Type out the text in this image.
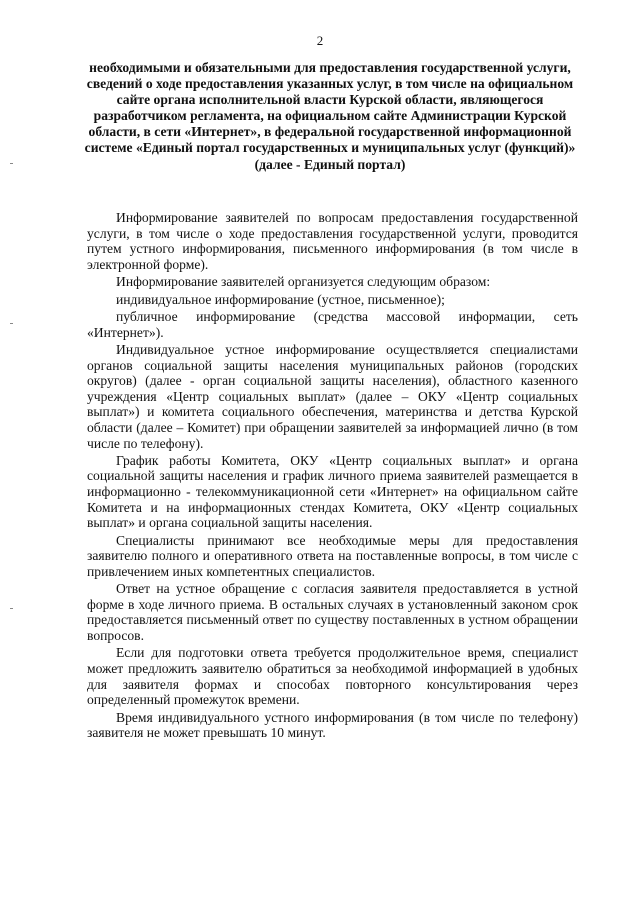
2
необходимыми и обязательными для предоставления государственной услуги, сведений о ходе предоставления указанных услуг, в том числе на официальном сайте органа исполнительной власти Курской области, являющегося разработчиком регламента, на официальном сайте Администрации Курской области, в сети «Интернет», в федеральной государственной информационной системе «Единый портал государственных и муниципальных услуг (функций)» (далее - Единый портал)

Информирование заявителей по вопросам предоставления государственной услуги, в том числе о ходе предоставления государственной услуги, проводится путем устного информирования, письменного информирования (в том числе в электронной форме).

Информирование заявителей организуется следующим образом:

индивидуальное информирование (устное, письменное);

публичное информирование (средства массовой информации, сеть «Интернет»).

Индивидуальное устное информирование осуществляется специалистами органов социальной защиты населения муниципальных районов (городских округов) (далее - орган социальной защиты населения), областного казенного учреждения «Центр социальных выплат» (далее – ОКУ «Центр социальных выплат») и комитета социального обеспечения, материнства и детства Курской области (далее – Комитет) при обращении заявителей за информацией лично (в том числе по телефону).

График работы Комитета, ОКУ «Центр социальных выплат» и органа социальной защиты населения и график личного приема заявителей размещается в информационно - телекоммуникационной сети «Интернет» на официальном сайте Комитета и на информационных стендах Комитета, ОКУ «Центр социальных выплат» и органа социальной защиты населения.

Специалисты принимают все необходимые меры для предоставления заявителю полного и оперативного ответа на поставленные вопросы, в том числе с привлечением иных компетентных специалистов.

Ответ на устное обращение с согласия заявителя предоставляется в устной форме в ходе личного приема. В остальных случаях в установленный законом срок предоставляется письменный ответ по существу поставленных в устном обращении вопросов.

Если для подготовки ответа требуется продолжительное время, специалист может предложить заявителю обратиться за необходимой информацией в удобных для заявителя формах и способах повторного консультирования через определенный промежуток времени.

Время индивидуального устного информирования (в том числе по телефону) заявителя не может превышать 10 минут.
